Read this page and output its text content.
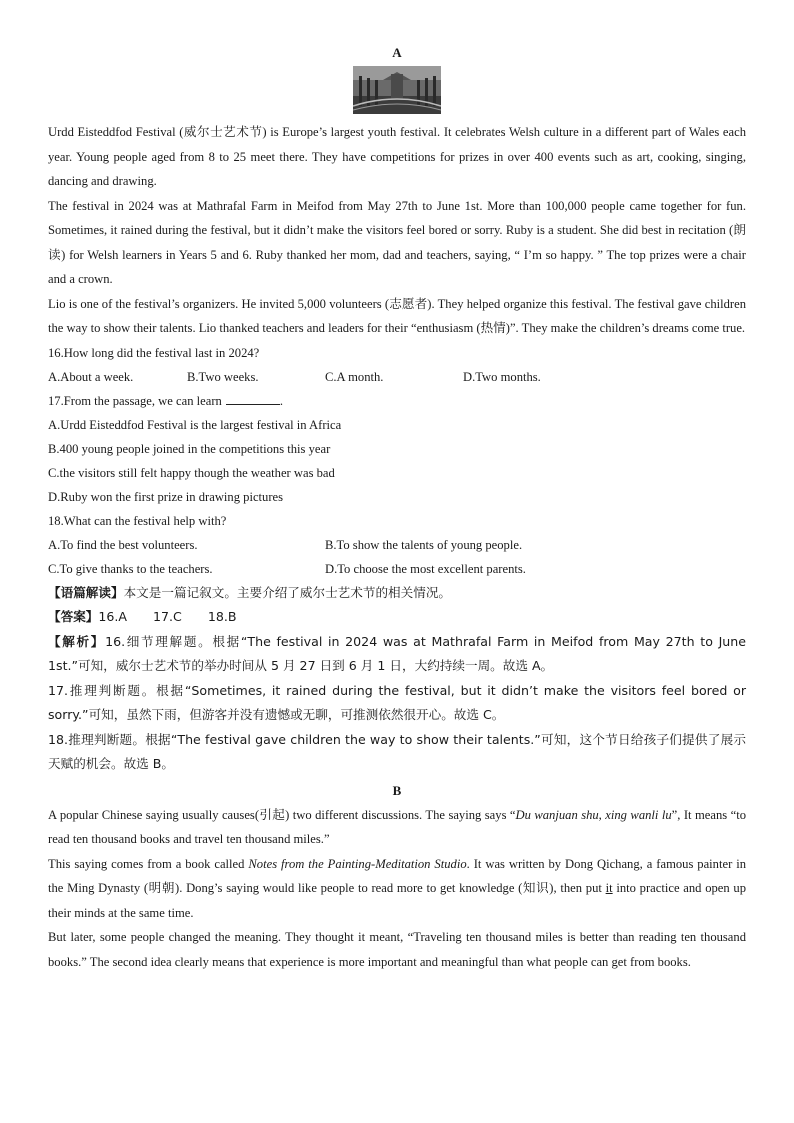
A

Urdd Eisteddfod Festival (威尔士艺术节) is Europe’s largest youth festival. It celebrates Welsh culture in a different part of Wales each year. Young people aged from 8 to 25 meet there. They have competitions for prizes in over 400 events such as art, cooking, singing, dancing and drawing.

The festival in 2024 was at Mathrafal Farm in Meifod from May 27th to June 1st. More than 100,000 people came together for fun. Sometimes, it rained during the festival, but it didn’t make the visitors feel bored or sorry. Ruby is a student. She did best in recitation (朗读) for Welsh learners in Years 5 and 6. Ruby thanked her mom, dad and teachers, saying, “ I’m so happy. ” The top prizes were a chair and a crown.

Lio is one of the festival’s organizers. He invited 5,000 volunteers (志愿者). They helped organize this festival. The festival gave children the way to show their talents. Lio thanked teachers and leaders for their “enthusiasm (热情)”. They make the children’s dreams come true.

16.How long did the festival last in 2024?
A.About a week.	B.Two weeks.	C.A month.	D.Two months.
17.From the passage, we can learn	.
A.Urdd Eisteddfod Festival is the largest festival in Africa
B.400 young people joined in the competitions this year
C.the visitors still felt happy though the weather was bad
D.Ruby won the first prize in drawing pictures
18.What can the festival help with?
A.To find the best volunteers.	B.To show the talents of young people.
C.To give thanks to the teachers.	D.To choose the most excellent parents.

【语篇解读】本文是一篇记叙文。主要介绍了威尔士艺术节的相关情况。

【答案】16.A 17.C 18.B

【解析】16.细节理解题。根据“The festival in 2024 was at Mathrafal Farm in Meifod from May 27th to June 1st.”可知，威尔士艺术节的举办时间从 5 月 27 日到 6 月 1 日，大约持续一周。故选 A。

17.推理判断题。根据“Sometimes, it rained during the festival, but it didn’t make the visitors feel bored or sorry.”可知，虽然下雨，但游客并没有遗憾或无聊，可推测依然很开心。故选 C。

18.推理判断题。根据“The festival gave children the way to show their talents.”可知，这个节日给孩子们提供了展示天赋的机会。故选 B。

B

A popular Chinese saying usually causes(引起) two different discussions. The saying says “Du wanjuan shu, xing wanli lu”, It means “to read ten thousand books and travel ten thousand miles.”

This saying comes from a book called Notes from the Painting-Meditation Studio. It was written by Dong Qichang, a famous painter in the Ming Dynasty (明朝). Dong’s saying would like people to read more to get knowledge (知识), then put it into practice and open up their minds at the same time.

But later, some people changed the meaning. They thought it meant, “Traveling ten thousand miles is better than reading ten thousand books.” The second idea clearly means that experience is more important and meaningful than what people can get from books.
